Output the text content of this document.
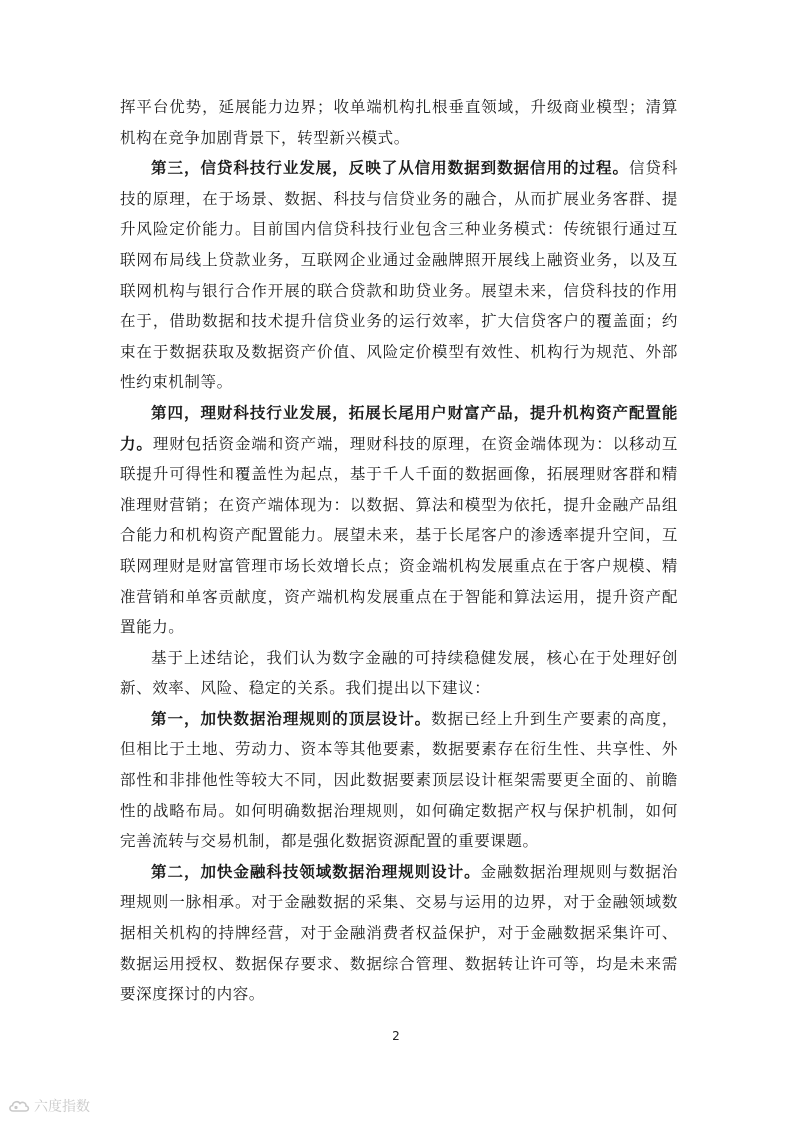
挥平台优势，延展能力边界；收单端机构扎根垂直领域，升级商业模型；清算机构在竞争加剧背景下，转型新兴模式。

第三，信贷科技行业发展，反映了从信用数据到数据信用的过程。信贷科技的原理，在于场景、数据、科技与信贷业务的融合，从而扩展业务客群、提升风险定价能力。目前国内信贷科技行业包含三种业务模式：传统银行通过互联网布局线上贷款业务，互联网企业通过金融牌照开展线上融资业务，以及互联网机构与银行合作开展的联合贷款和助贷业务。展望未来，信贷科技的作用在于，借助数据和技术提升信贷业务的运行效率，扩大信贷客户的覆盖面；约束在于数据获取及数据资产价值、风险定价模型有效性、机构行为规范、外部性约束机制等。

第四，理财科技行业发展，拓展长尾用户财富产品，提升机构资产配置能力。理财包括资金端和资产端，理财科技的原理，在资金端体现为：以移动互联提升可得性和覆盖性为起点，基于千人千面的数据画像，拓展理财客群和精准理财营销；在资产端体现为：以数据、算法和模型为依托，提升金融产品组合能力和机构资产配置能力。展望未来，基于长尾客户的渗透率提升空间，互联网理财是财富管理市场长效增长点；资金端机构发展重点在于客户规模、精准营销和单客贡献度，资产端机构发展重点在于智能和算法运用，提升资产配置能力。

基于上述结论，我们认为数字金融的可持续稳健发展，核心在于处理好创新、效率、风险、稳定的关系。我们提出以下建议：

第一，加快数据治理规则的顶层设计。数据已经上升到生产要素的高度，但相比于土地、劳动力、资本等其他要素，数据要素存在衍生性、共享性、外部性和非排他性等较大不同，因此数据要素顶层设计框架需要更全面的、前瞻性的战略布局。如何明确数据治理规则，如何确定数据产权与保护机制，如何完善流转与交易机制，都是强化数据资源配置的重要课题。

第二，加快金融科技领域数据治理规则设计。金融数据治理规则与数据治理规则一脉相承。对于金融数据的采集、交易与运用的边界，对于金融领域数据相关机构的持牌经营，对于金融消费者权益保护，对于金融数据采集许可、数据运用授权、数据保存要求、数据综合管理、数据转让许可等，均是未来需要深度探讨的内容。

2
六度指数
